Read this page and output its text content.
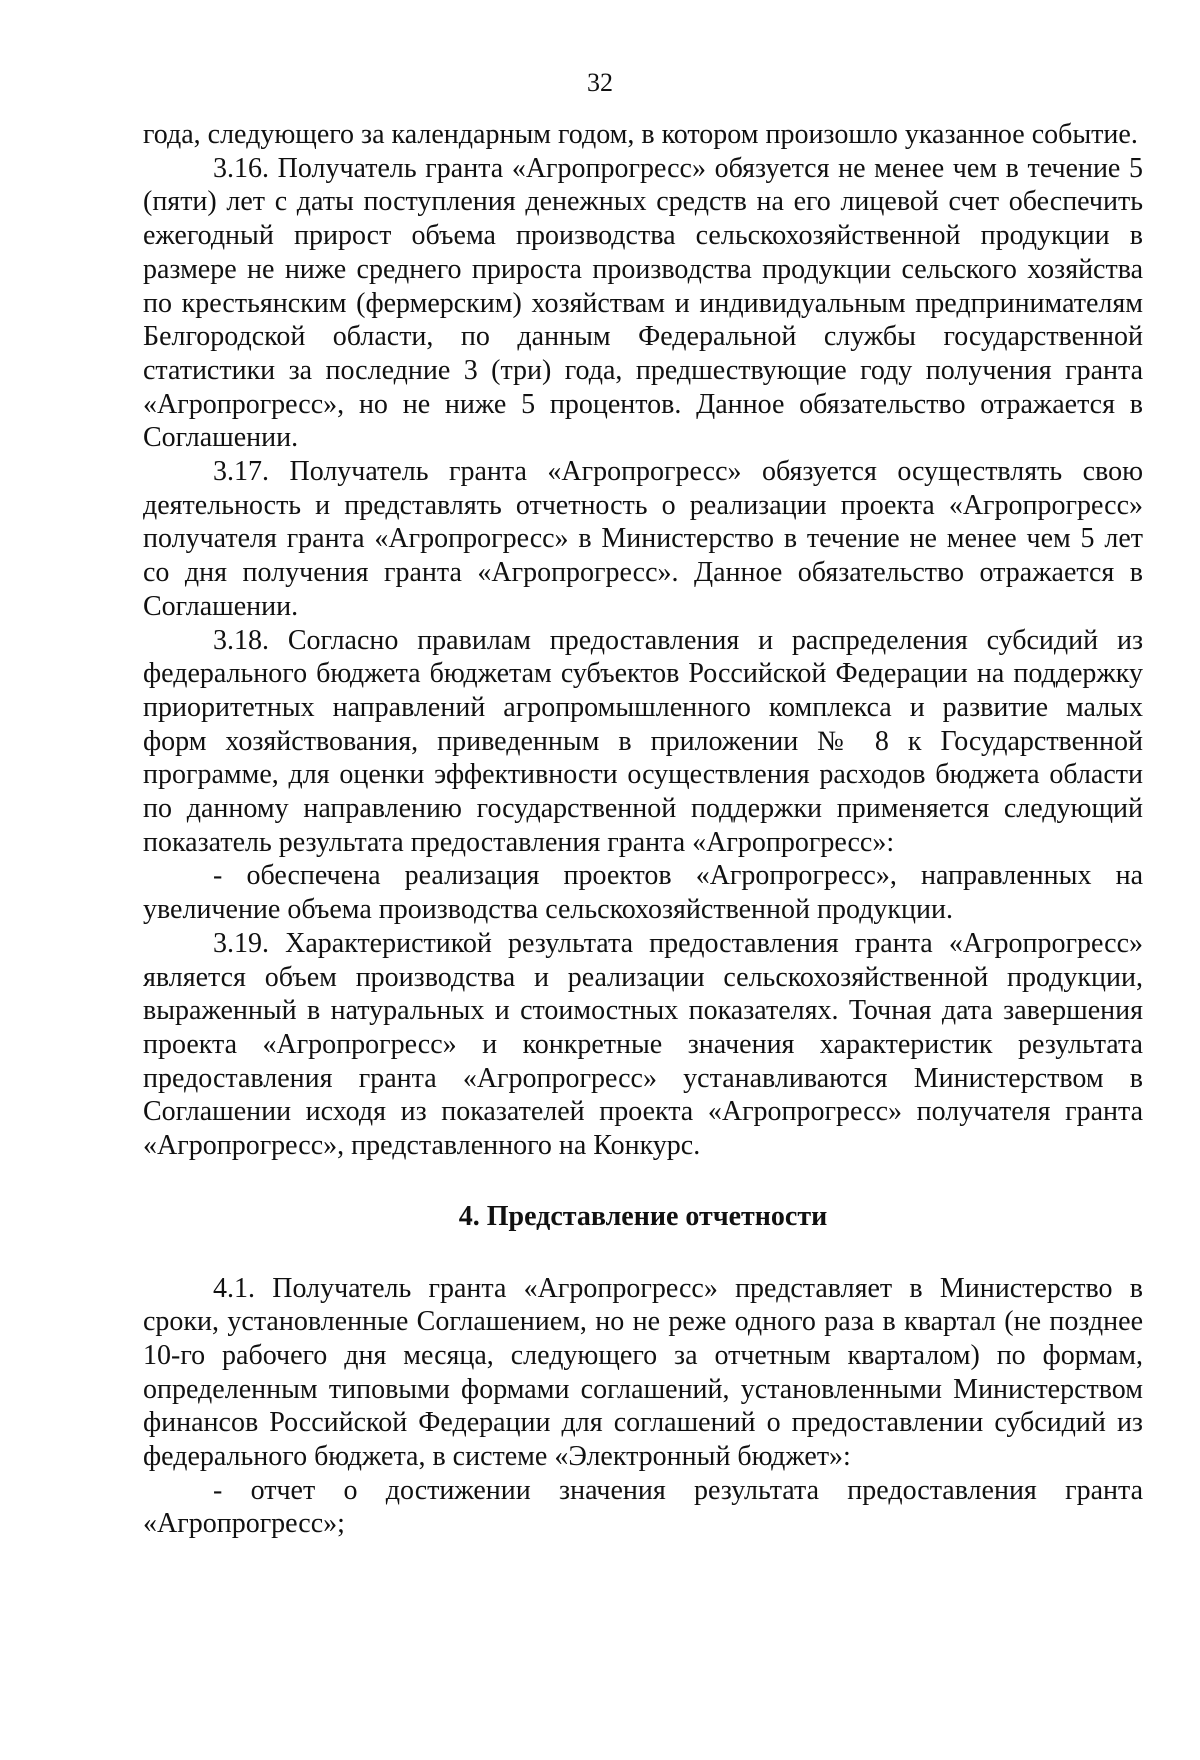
32

года, следующего за календарным годом, в котором произошло указанное событие.

3.16. Получатель гранта «Агропрогресс» обязуется не менее чем в течение 5 (пяти) лет с даты поступления денежных средств на его лицевой счет обеспечить ежегодный прирост объема производства сельскохозяйственной продукции в размере не ниже среднего прироста производства продукции сельского хозяйства по крестьянским (фермерским) хозяйствам и индивидуальным предпринимателям Белгородской области, по данным Федеральной службы государственной статистики за последние 3 (три) года, предшествующие году получения гранта «Агропрогресс», но не ниже 5 процентов. Данное обязательство отражается в Соглашении.

3.17. Получатель гранта «Агропрогресс» обязуется осуществлять свою деятельность и представлять отчетность о реализации проекта «Агропрогресс» получателя гранта «Агропрогресс» в Министерство в течение не менее чем 5 лет со дня получения гранта «Агропрогресс». Данное обязательство отражается в Соглашении.

3.18. Согласно правилам предоставления и распределения субсидий из федерального бюджета бюджетам субъектов Российской Федерации на поддержку приоритетных направлений агропромышленного комплекса и развитие малых форм хозяйствования, приведенным в приложении № 8 к Государственной программе, для оценки эффективности осуществления расходов бюджета области по данному направлению государственной поддержки применяется следующий показатель результата предоставления гранта «Агропрогресс»:

- обеспечена реализация проектов «Агропрогресс», направленных на увеличение объема производства сельскохозяйственной продукции.

3.19. Характеристикой результата предоставления гранта «Агропрогресс» является объем производства и реализации сельскохозяйственной продукции, выраженный в натуральных и стоимостных показателях. Точная дата завершения проекта «Агропрогресс» и конкретные значения характеристик результата предоставления гранта «Агропрогресс» устанавливаются Министерством в Соглашении исходя из показателей проекта «Агропрогресс» получателя гранта «Агропрогресс», представленного на Конкурс.

4. Представление отчетности

4.1. Получатель гранта «Агропрогресс» представляет в Министерство в сроки, установленные Соглашением, но не реже одного раза в квартал (не позднее 10-го рабочего дня месяца, следующего за отчетным кварталом) по формам, определенным типовыми формами соглашений, установленными Министерством финансов Российской Федерации для соглашений о предоставлении субсидий из федерального бюджета, в системе «Электронный бюджет»:

- отчет о достижении значения результата предоставления гранта «Агропрогресс»;
